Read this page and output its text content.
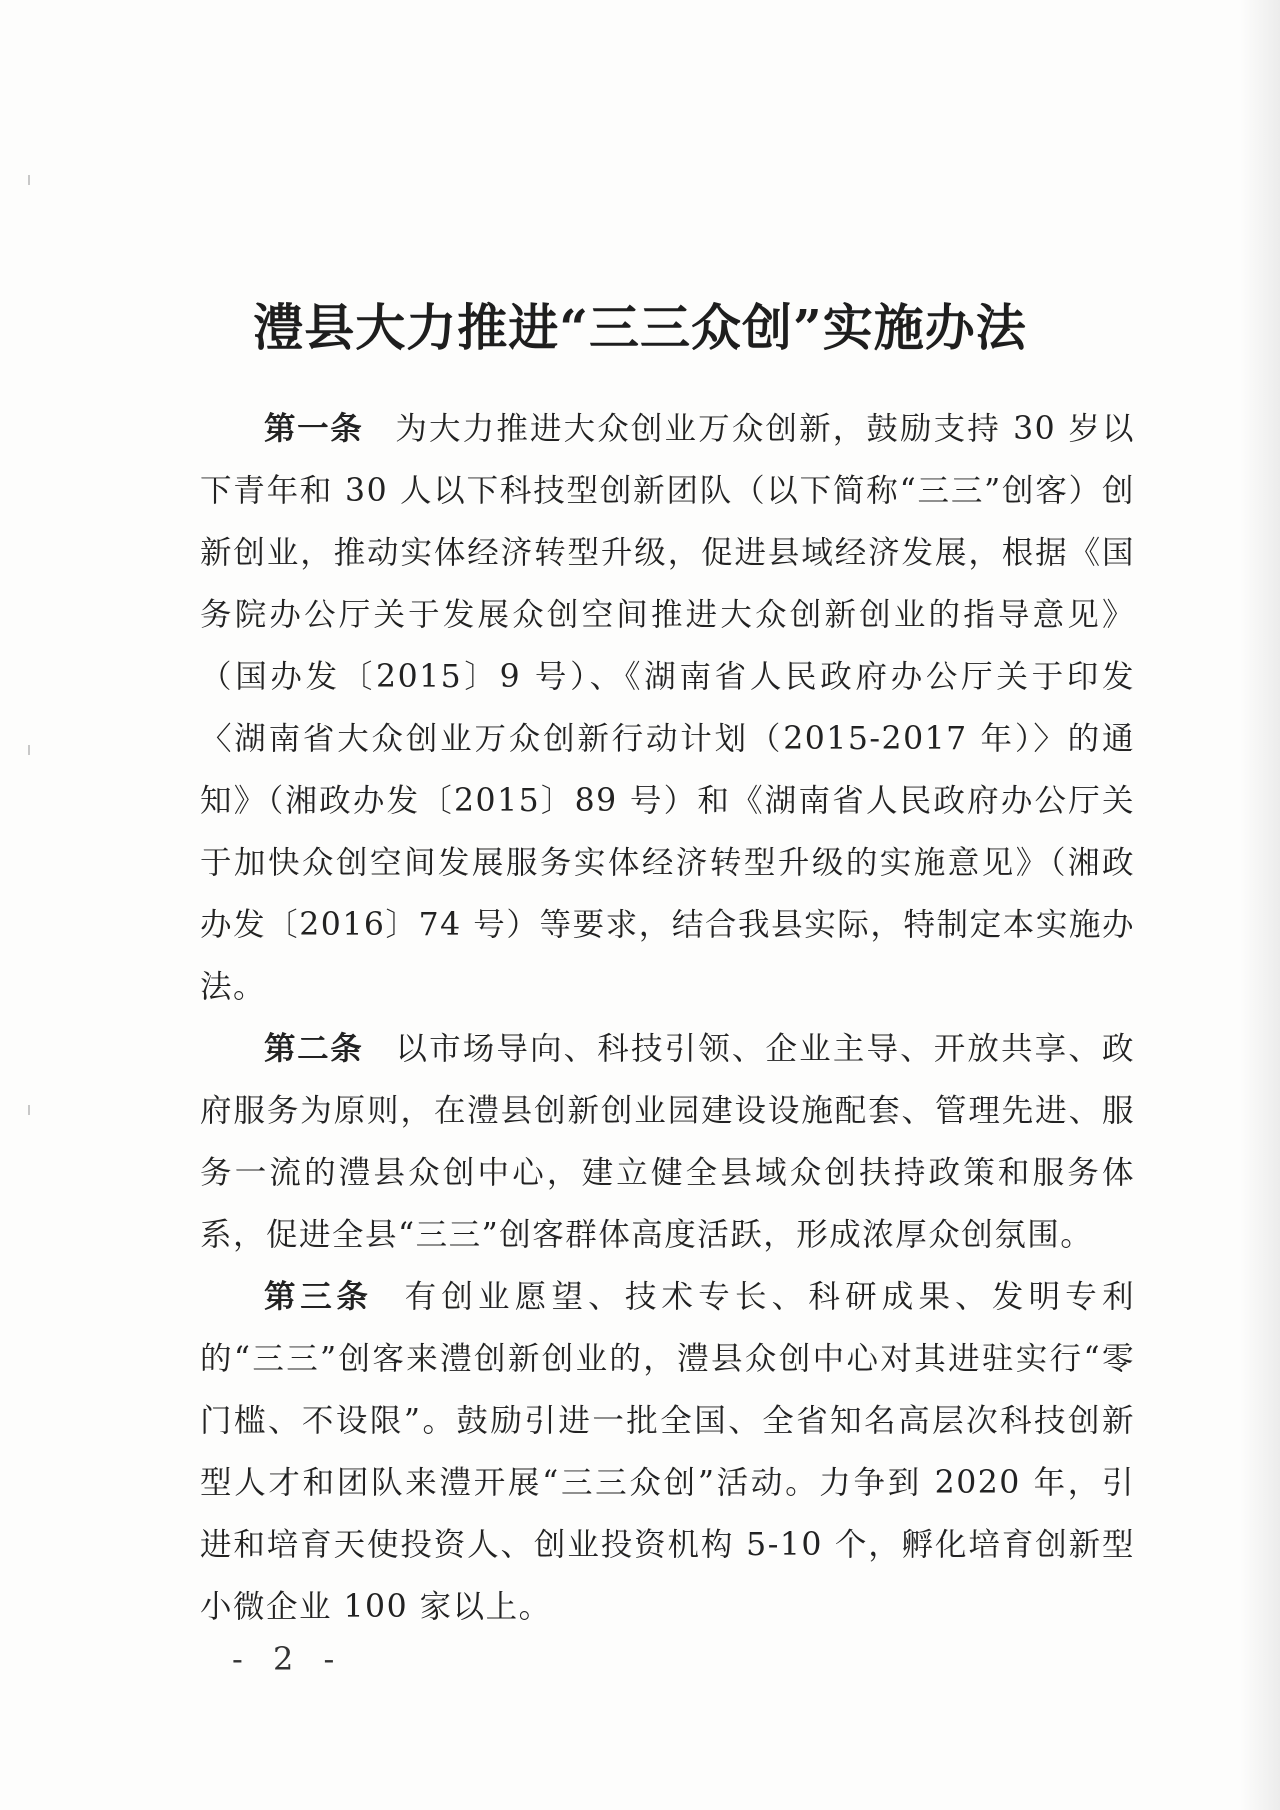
澧县大力推进“三三众创”实施办法

第一条 为大力推进大众创业万众创新，鼓励支持 30 岁以下青年和 30 人以下科技型创新团队（以下简称“三三”创客）创新创业，推动实体经济转型升级，促进县域经济发展，根据《国务院办公厅关于发展众创空间推进大众创新创业的指导意见》（国办发〔2015〕9 号）、《湖南省人民政府办公厅关于印发〈湖南省大众创业万众创新行动计划（2015-2017 年）〉的通知》（湘政办发〔2015〕89 号）和《湖南省人民政府办公厅关于加快众创空间发展服务实体经济转型升级的实施意见》（湘政办发〔2016〕74 号）等要求，结合我县实际，特制定本实施办法。

第二条 以市场导向、科技引领、企业主导、开放共享、政府服务为原则，在澧县创新创业园建设设施配套、管理先进、服务一流的澧县众创中心，建立健全县域众创扶持政策和服务体系，促进全县“三三”创客群体高度活跃，形成浓厚众创氛围。

第三条 有创业愿望、技术专长、科研成果、发明专利的“三三”创客来澧创新创业的，澧县众创中心对其进驻实行“零门槛、不设限”。鼓励引进一批全国、全省知名高层次科技创新型人才和团队来澧开展“三三众创”活动。力争到 2020 年，引进和培育天使投资人、创业投资机构 5-10 个，孵化培育创新型小微企业 100 家以上。

- 2 -
